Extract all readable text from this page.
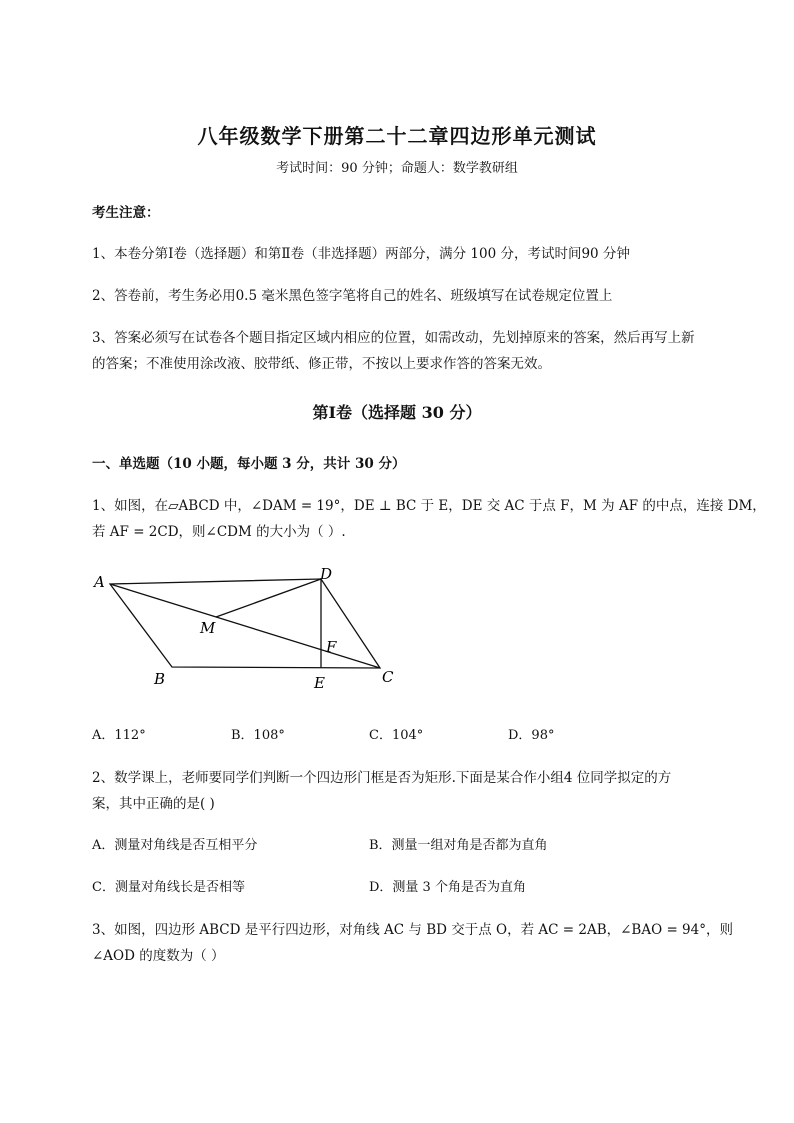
八年级数学下册第二十二章四边形单元测试
考试时间：90 分钟；命题人：数学教研组
考生注意：
1、本卷分第Ⅰ卷（选择题）和第Ⅱ卷（非选择题）两部分，满分 100 分，考试时间90 分钟
2、答卷前，考生务必用0.5 毫米黑色签字笔将自己的姓名、班级填写在试卷规定位置上
3、答案必须写在试卷各个题目指定区域内相应的位置，如需改动，先划掉原来的答案，然后再写上新
的答案；不准使用涂改液、胶带纸、修正带，不按以上要求作答的答案无效。
第Ⅰ卷（选择题 30 分）
一、单选题（10 小题，每小题 3 分，共计 30 分）
1、如图，在▱ABCD 中，∠DAM = 19°，DE ⊥ BC 于 E，DE 交 AC 于点 F，M 为 AF 的中点，连接 DM，
若 AF = 2CD，则∠CDM 的大小为（ ）.
A	D
M
F
B	E	C
A．112°	B．108°	C．104°	D．98°
2、数学课上，老师要同学们判断一个四边形门框是否为矩形.下面是某合作小组4 位同学拟定的方
案，其中正确的是( )
A．测量对角线是否互相平分	B．测量一组对角是否都为直角
C．测量对角线长是否相等	D．测量 3 个角是否为直角
3、如图，四边形 ABCD 是平行四边形，对角线 AC 与 BD 交于点 O，若 AC = 2AB，∠BAO = 94°，则
∠AOD 的度数为（ ）
